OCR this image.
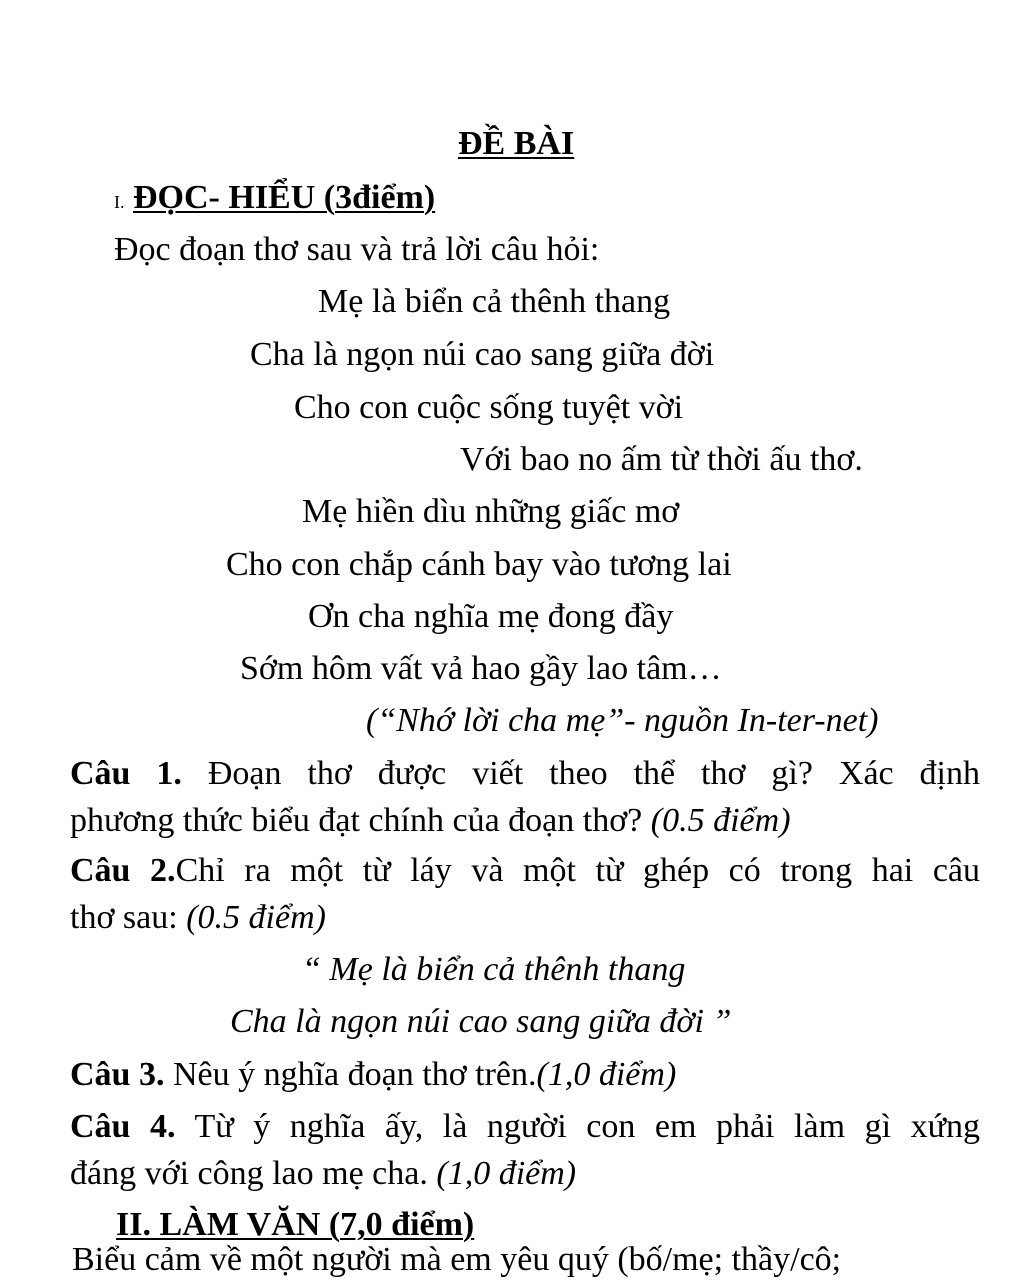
ĐỀ BÀI
I. ĐỌC- HIỂU (3điểm)
Đọc đoạn thơ sau và trả lời câu hỏi:
Mẹ là biển cả thênh thang
Cha là ngọn núi cao sang giữa đời
Cho con cuộc sống tuyệt vời
Với bao no ấm từ thời ấu thơ.
Mẹ hiền dìu những giấc mơ
Cho con chắp cánh bay vào tương lai
Ơn cha nghĩa mẹ đong đầy
Sớm hôm vất vả hao gầy lao tâm…
(“Nhớ lời cha mẹ”- nguồn In-ter-net)
Câu 1. Đoạn thơ được viết theo thể thơ gì? Xác định
phương thức biểu đạt chính của đoạn thơ? (0.5 điểm)
Câu 2.Chỉ ra một từ láy và một từ ghép có trong hai câu
thơ sau: (0.5 điểm)
“ Mẹ là biển cả thênh thang
Cha là ngọn núi cao sang giữa đời ”
Câu 3. Nêu ý nghĩa đoạn thơ trên.(1,0 điểm)
Câu 4. Từ ý nghĩa ấy, là người con em phải làm gì xứng
đáng với công lao mẹ cha. (1,0 điểm)
II. LÀM VĂN (7,0 điểm)
Biểu cảm về một người mà em yêu quý (bố/mẹ; thầy/cô;
